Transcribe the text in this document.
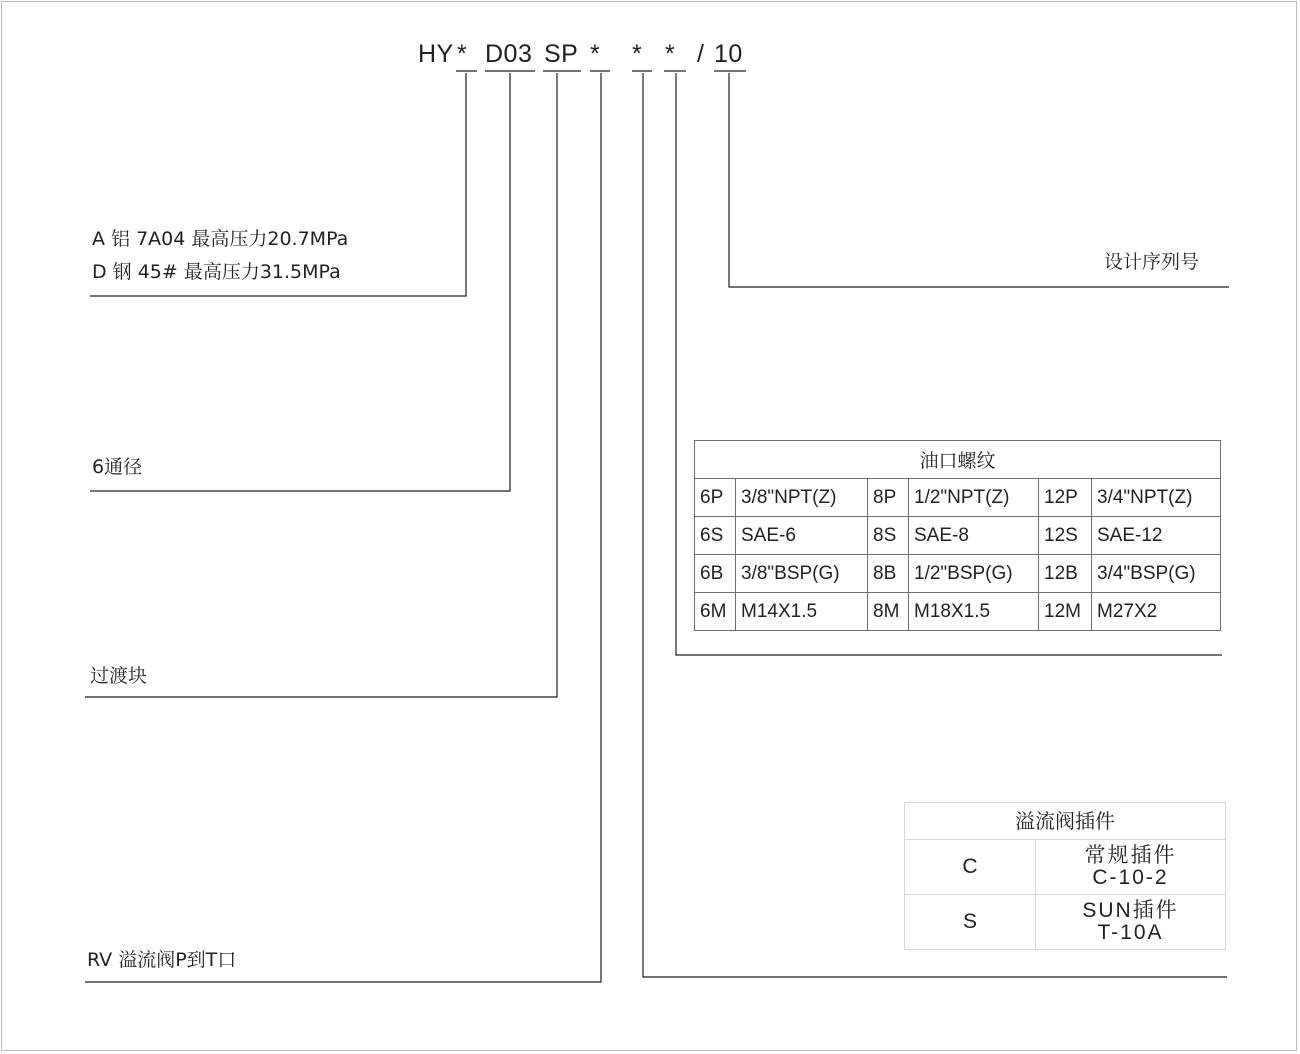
HY * D03 SP * * * / 10
A 铝 7A04 最高压力20.7MPa
D 钢 45# 最高压力31.5MPa
6通径
过渡块
RV 溢流阀P到T口
设计序列号
油口螺纹					
6P	3/8"NPT(Z)	8P	1/2"NPT(Z)	12P	3/4"NPT(Z)
6S	SAE-6	8S	SAE-8	12S	SAE-12
6B	3/8"BSP(G)	8B	1/2"BSP(G)	12B	3/4"BSP(G)
6M	M14X1.5	8M	M18X1.5	12M	M27X2
溢流阀插件	
C	常规插件
C-10-2

S	SUN插件
T-10A
